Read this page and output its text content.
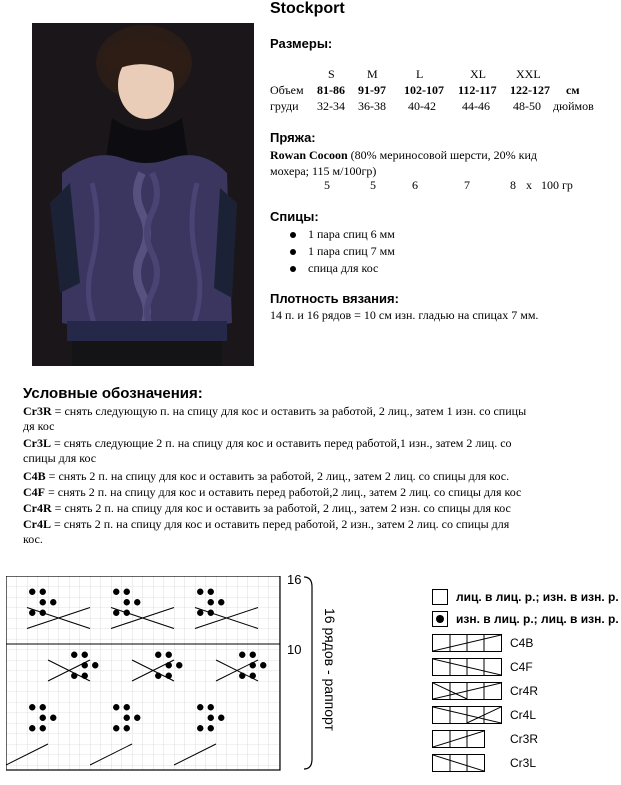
Stockport
Размеры:
S	M	L	XL	XXL
Объем 81-86 91-97 102-107 112-117 122-127 см
груди 32-34 36-38 40-42 44-46 48-50 дюймов
Пряжа:
Rowan Cocoon (80% мериносовой шерсти, 20% кид
мохера; 115 м/100гр)
5	5	6	7	8 x   100 гр
Спицы:
1 пара спиц 6 мм
1 пара спиц 7 мм
спица для кос
Плотность вязания:
14 п. и 16 рядов = 10 см изн. гладью на спицах 7 мм.
Условные обозначения:
Cr3R = снять следующую п. на спицу для кос и оставить за работой, 2 лиц., затем 1 изн. со спицы
дя кос
Cr3L = снять следующие 2 п. на спицу для кос и оставить перед работой,1 изн., затем 2 лиц. со
спицы для кос
C4B = снять 2 п. на спицу для кос и оставить за работой, 2 лиц., затем 2 лиц. со спицы для кос.
C4F = снять 2 п. на спицу для кос и оставить перед работой,2 лиц., затем 2 лиц. со спицы для кос
Cr4R = снять 2 п. на спицу для кос и оставить за работой, 2 лиц., затем 2 изн. со спицы для кос
Cr4L = снять 2 п. на спицу для кос и оставить перед работой, 2 изн., затем 2 лиц. со спицы для
кос.
16
10 16 рядов - раппорт
лиц. в лиц. р.; изн. в изн. р.
изн. в лиц. р.; лиц. в изн. р.
C4B
C4F
Cr4R
Cr4L
Cr3R
Cr3L
